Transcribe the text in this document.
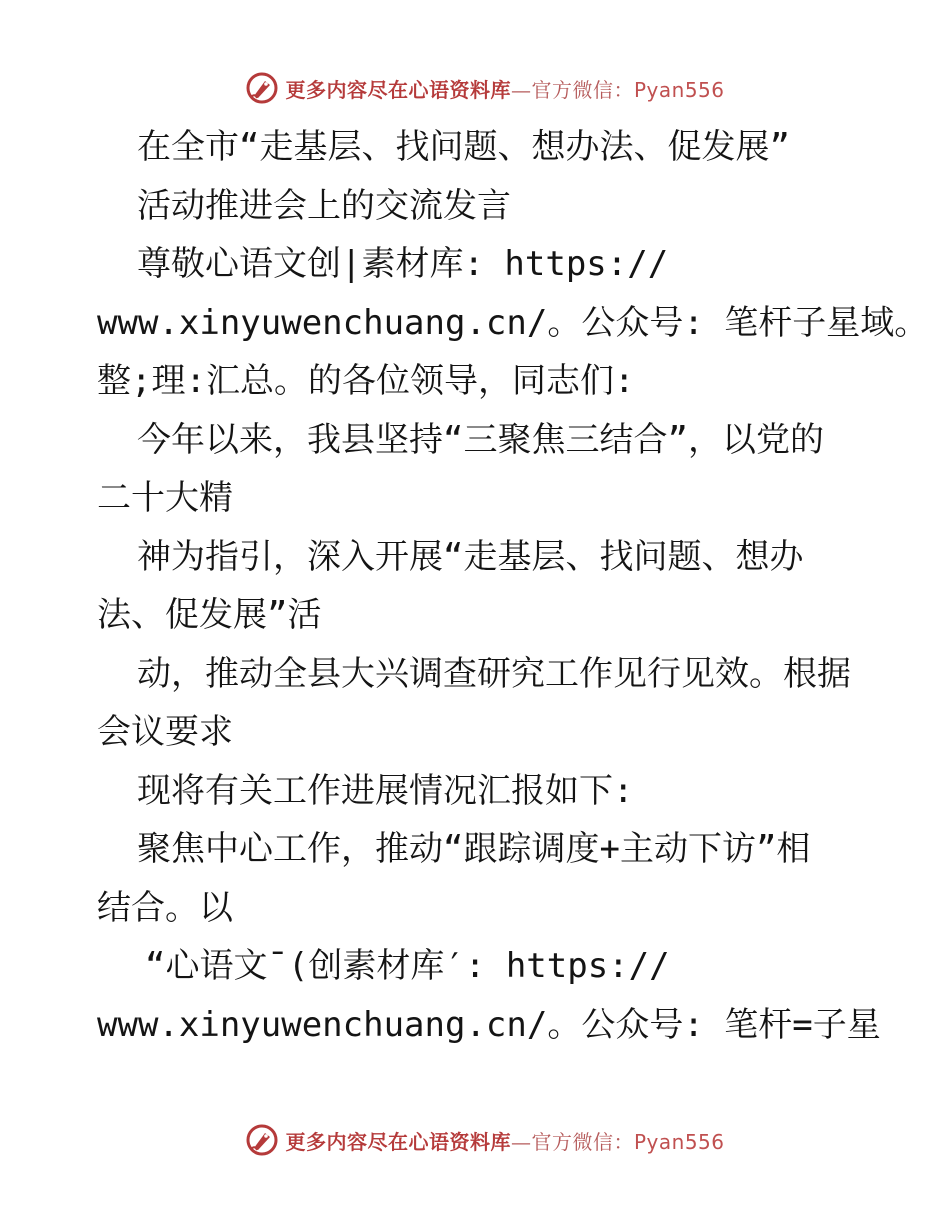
更多内容尽在心语资料库—官方微信：Pyan556
在全市“走基层、找问题、想办法、促发展”
活动推进会上的交流发言
尊敬心语文创|素材库: https://
www.xinyuwenchuang.cn/。公众号: 笔杆子星域。
整;理:汇总。的各位领导，同志们:
今年以来，我县坚持“三聚焦三结合”，以党的
二十大精
神为指引，深入开展“走基层、找问题、想办
法、促发展”活
动，推动全县大兴调查研究工作见行见效。根据
会议要求
现将有关工作进展情况汇报如下:
聚焦中心工作，推动“跟踪调度+主动下访”相
结合。以
“心语文¯(创素材库′: https://
www.xinyuwenchuang.cn/。公众号: 笔杆=子星
更多内容尽在心语资料库—官方微信：Pyan556
